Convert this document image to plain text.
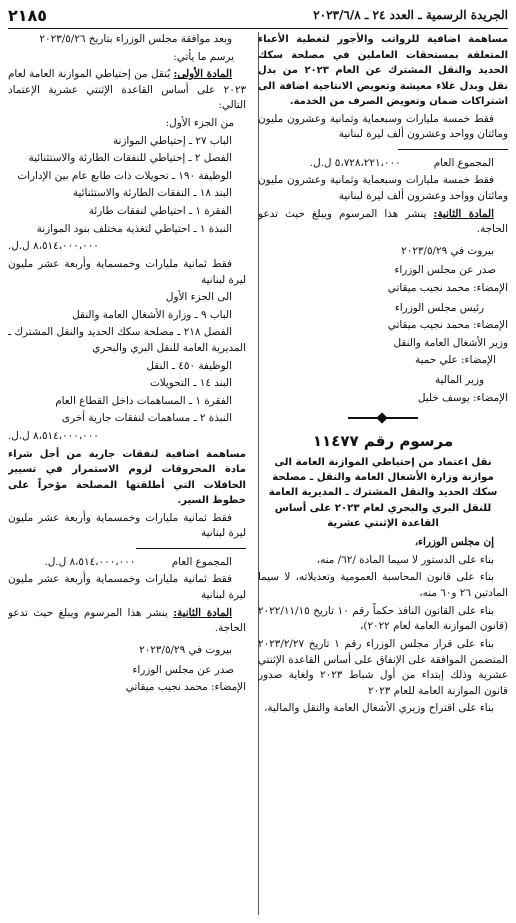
الجريدة الرسمية ـ العدد ٢٤ ـ ٢٠٢٣/٦/٨
٢١٨٥

مساهمة اضافية للرواتب والأجور لتغطية الأعباء المتعلقة بمستحقات العاملين في مصلحة سكك الحديد والنقل المشترك عن العام ٢٠٢٣ من بدل نقل وبدل غلاء معيشة وتعويض الانتاجية اضافة الى اشتراكات ضمان وتعويض الصرف من الخدمة.

فقط خمسة مليارات وسبعماية وثمانية وعشرون مليون ومائتان وواحد وعشرون ألف ليرة لبنانية

المجموع العام          ٥،٧٢٨،٢٢١،٠٠٠ ل.ل.

فقط خمسة مليارات وسبعماية وثمانية وعشرون مليون ومائتان وواحد وعشرون ألف ليرة لبنانية

المادة الثانية: ينشر هذا المرسوم ويبلغ حيث تدعو الحاجة.

بيروت في ٢٠٢٣/٥/٢٩

صدر عن مجلس الوزراء

الإمضاء: محمد نجيب ميقاتي

رئيس مجلس الوزراء

الإمضاء: محمد نجيب ميقاتي

وزير الأشغال العامة والنقل

الإمضاء: علي حمية

وزير المالية

الإمضاء: يوسف خليل

مرسوم رقم ١١٤٧٧
نقل اعتماد من إحتياطي الموازنة العامة الى موازنة وزارة الأشغال العامة والنقل ـ مصلحة سكك الحديد والنقل المشترك ـ المديرية العامة للنقل البري والبحري لعام ٢٠٢٣ على أساس القاعدة الإثنتي عشرية

إن مجلس الوزراء،

بناء على الدستور لا سيما المادة /٦٢/ منه،

بناء على قانون المحاسبة العمومية وتعديلاته، لا سيما المادتين ٢٦ و٦٠ منه،

بناء على القانون النافذ حكماً رقم ١٠ تاريخ ٢٠٢٢/١١/١٥ (قانون الموازنة العامة لعام ٢٠٢٢)،

بناء على قرار مجلس الوزراء رقم ١ تاريخ ٢٠٢٣/٢/٢٧ المتضمن الموافقة على الإنفاق على أساس القاعدة الإثنتي عشرية وذلك إبتداء من أول شباط ٢٠٢٣ ولغاية صدور قانون الموازنة العامة للعام ٢٠٢٣

بناء على اقتراح وزيري الأشغال العامة والنقل والمالية،

وبعد موافقة مجلس الوزراء بتاريخ ٢٠٢٣/٥/٢٦

يرسم ما يأتي:

المادة الأولى: يُنقل من إحتياطي الموازنة العامة لعام ٢٠٢٣ على أساس القاعدة الإثنتي عشرية الإعتماد التالي:

من الجزء الأول:

الباب ٢٧ ـ إحتياطي الموازنة

الفصل ٢ ـ إحتياطي للنفقات الطارئة والاستثنائية

الوظيفة ١٩٠ ـ تحويلات ذات طابع عام بين الإدارات

البند ١٨ ـ النفقات الطارئة والاستثنائية

الفقرة ١ ـ احتياطي لنفقات طارئة

النبذة ١ ـ احتياطي لتغذية مختلف بنود الموازنة

٨،٥١٤،٠٠٠،٠٠٠ ل.ل.

فقط ثمانية مليارات وخمسماية وأربعة عشر مليون ليرة لبنانية

الى الجزء الأول

الباب ٩ ـ وزارة الأشغال العامة والنقل

الفصل ٢١٨ ـ مصلحة سكك الحديد والنقل المشترك ـ المديرية العامة للنقل البري والبحري

الوظيفة ٤٥٠ ـ النقل

البند ١٤ ـ التحويلات

الفقرة ١ ـ المساهمات داخل القطاع العام

النبذة ٢ ـ مساهمات لنفقات جارية أخرى

٨،٥١٤،٠٠٠،٠٠٠ ل.ل.

مساهمة اضافية لنفقات جارية من أجل شراء مادة المحروقات لزوم الاستمرار في تسيير الحافلات التي أطلقتها المصلحة مؤخراً على خطوط السير.

فقط ثمانية مليارات وخمسماية وأربعة عشر مليون ليرة لبنانية

المجموع العام           ٨،٥١٤،٠٠٠،٠٠٠ ل.ل.

فقط ثمانية مليارات وخمسماية وأربعة عشر مليون ليرة لبنانية

المادة الثانية: ينشر هذا المرسوم ويبلغ حيث تدعو الحاجة.

بيروت في ٢٠٢٣/٥/٢٩

صدر عن مجلس الوزراء

الإمضاء: محمد نجيب ميقاتي
